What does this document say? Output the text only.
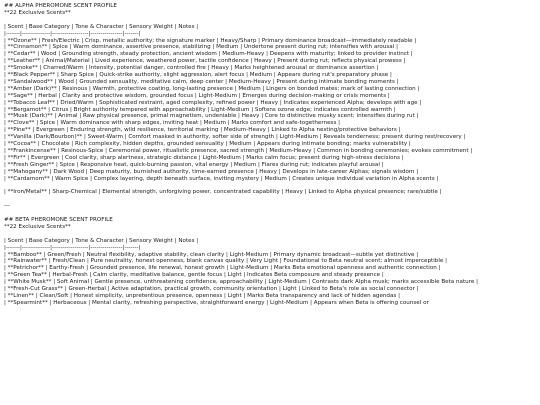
## ALPHA PHEROMONE SCENT PROFILE

**22 Exclusive Scents**

| Scent | Base Category | Tone & Character | Sensory Weight | Notes |

|-------|--------------|------------------|----------------|-------|

| **Ozone** | Fresh/Electric | Crisp, metallic authority; the signature marker | Heavy/Sharp | Primary dominance broadcast—immediately readable |

| **Cinnamon** | Spice | Warm dominance, assertive presence, stabilizing | Medium | Undertone present during rut; intensifies with arousal |

| **Cedar** | Wood | Grounding strength, steady protection, ancient wisdom | Medium-Heavy | Deepens with maturity; linked to provider instinct |

| **Leather** | Animal/Material | Lived experience, weathered power, tactile confidence | Heavy | Present during rut; reflects physical prowess |

| **Smoke** | Charred/Warm | Intensity, potential danger, controlled fire | Heavy | Marks heightened arousal or dominance assertion |

| **Black Pepper** | Sharp Spice | Quick-strike authority, slight aggression, alert focus | Medium | Appears during rut's preparatory phase |

| **Sandalwood** | Wood | Grounded sensuality, meditative calm, deep center | Medium-Heavy | Present during intimate bonding moments |

| **Amber (Dark)** | Resinous | Warmth, protective coating, long-lasting presence | Medium | Lingers on bonded mates; mark of lasting connection |

| **Sage** | Herbal | Clarity and protective wisdom, grounded focus | Light-Medium | Emerges during decision-making or crisis moments |

| **Tobacco Leaf** | Dried/Warm | Sophisticated restraint, aged complexity, refined power | Heavy | Indicates experienced Alpha; develops with age |

| **Bergamot** | Citrus | Bright authority tempered with approachability | Light-Medium | Softens ozone edge; indicates controlled warmth |

| **Musk (Dark)** | Animal | Raw physical presence, primal magnetism, undeniable | Heavy | Core to distinctive musky scent; intensifies during rut |

| **Clove** | Spice | Warm dominance with sharp edges, inviting heat | Medium | Marks comfort and safe-togetherness |

| **Pine** | Evergreen | Enduring strength, wild resilience, territorial marking | Medium-Heavy | Linked to Alpha nesting/protective behaviors |

| **Vanilla (Dark/Bourbon)** | Sweet-Warm | Comfort masked in authority, softer side of strength | Light-Medium | Reveals tenderness; present during rest/recovery |

| **Cocoa** | Chocolate | Rich complexity, hidden depths, grounded sensuality | Medium | Appears during intimate bonding; marks vulnerability |

| **Frankincense** | Resinous-Spice | Ceremonial power, ritualistic presence, sacred strength | Medium-Heavy | Common in bonding ceremonies; evokes commitment |

| **Fir** | Evergreen | Cool clarity, sharp alertness, strategic distance | Light-Medium | Marks calm focus; present during high-stress decisions |

| **Fresh Ginger** | Spice | Responsive heat, quick-burning passion, vital energy | Medium | Flares during rut; indicates playful arousal |

| **Mahogany** | Dark Wood | Deep maturity, burnished authority, time-earned presence | Heavy | Develops in late-career Alphas; signals wisdom |

| **Cardamom** | Warm Spice | Complex layering, depth beneath surface, inviting mystery | Medium | Creates unique individual variation in Alpha scents |

| **Iron/Metal** | Sharp-Chemical | Elemental strength, unforgiving power, concentrated capability | Heavy | Linked to Alpha physical presence; rare/subtle |

---

## BETA PHEROMONE SCENT PROFILE

**22 Exclusive Scents**

| Scent | Base Category | Tone & Character | Sensory Weight | Notes |

|-------|--------------|------------------|----------------|-------|

| **Bamboo** | Green/Fresh | Neutral flexibility, adaptive stability, clean clarity | Light-Medium | Primary dynamic broadcast—subtle yet distinctive |

| **Rainwater** | Fresh/Clean | Pure neutrality, honest openness, blank canvas quality | Very Light | Foundational to Beta neutral scent; almost imperceptible |

| **Petrichor** | Earthy-Fresh | Grounded presence, life renewal, honest growth | Light-Medium | Marks Beta emotional openness and authentic connection |

| **Green Tea** | Herbal-Fresh | Calm clarity, meditative balance, gentle focus | Light | Indicates Beta composure and steady presence |

| **White Musk** | Soft Animal | Gentle presence, unthreatening confidence, approachability | Light-Medium | Contrasts dark Alpha musk; marks accessible Beta nature |

| **Fresh-Cut Grass** | Green-Herbal | Active adaptation, practical growth, community orientation | Light | Linked to Beta's role as social connector |

| **Linen** | Clean/Soft | Honest simplicity, unpretentious presence, openness | Light | Marks Beta transparency and lack of hidden agendas |

| **Spearmint** | Herbaceous | Mental clarity, refreshing perspective, straightforward energy | Light-Medium | Appears when Beta is offering counsel or
